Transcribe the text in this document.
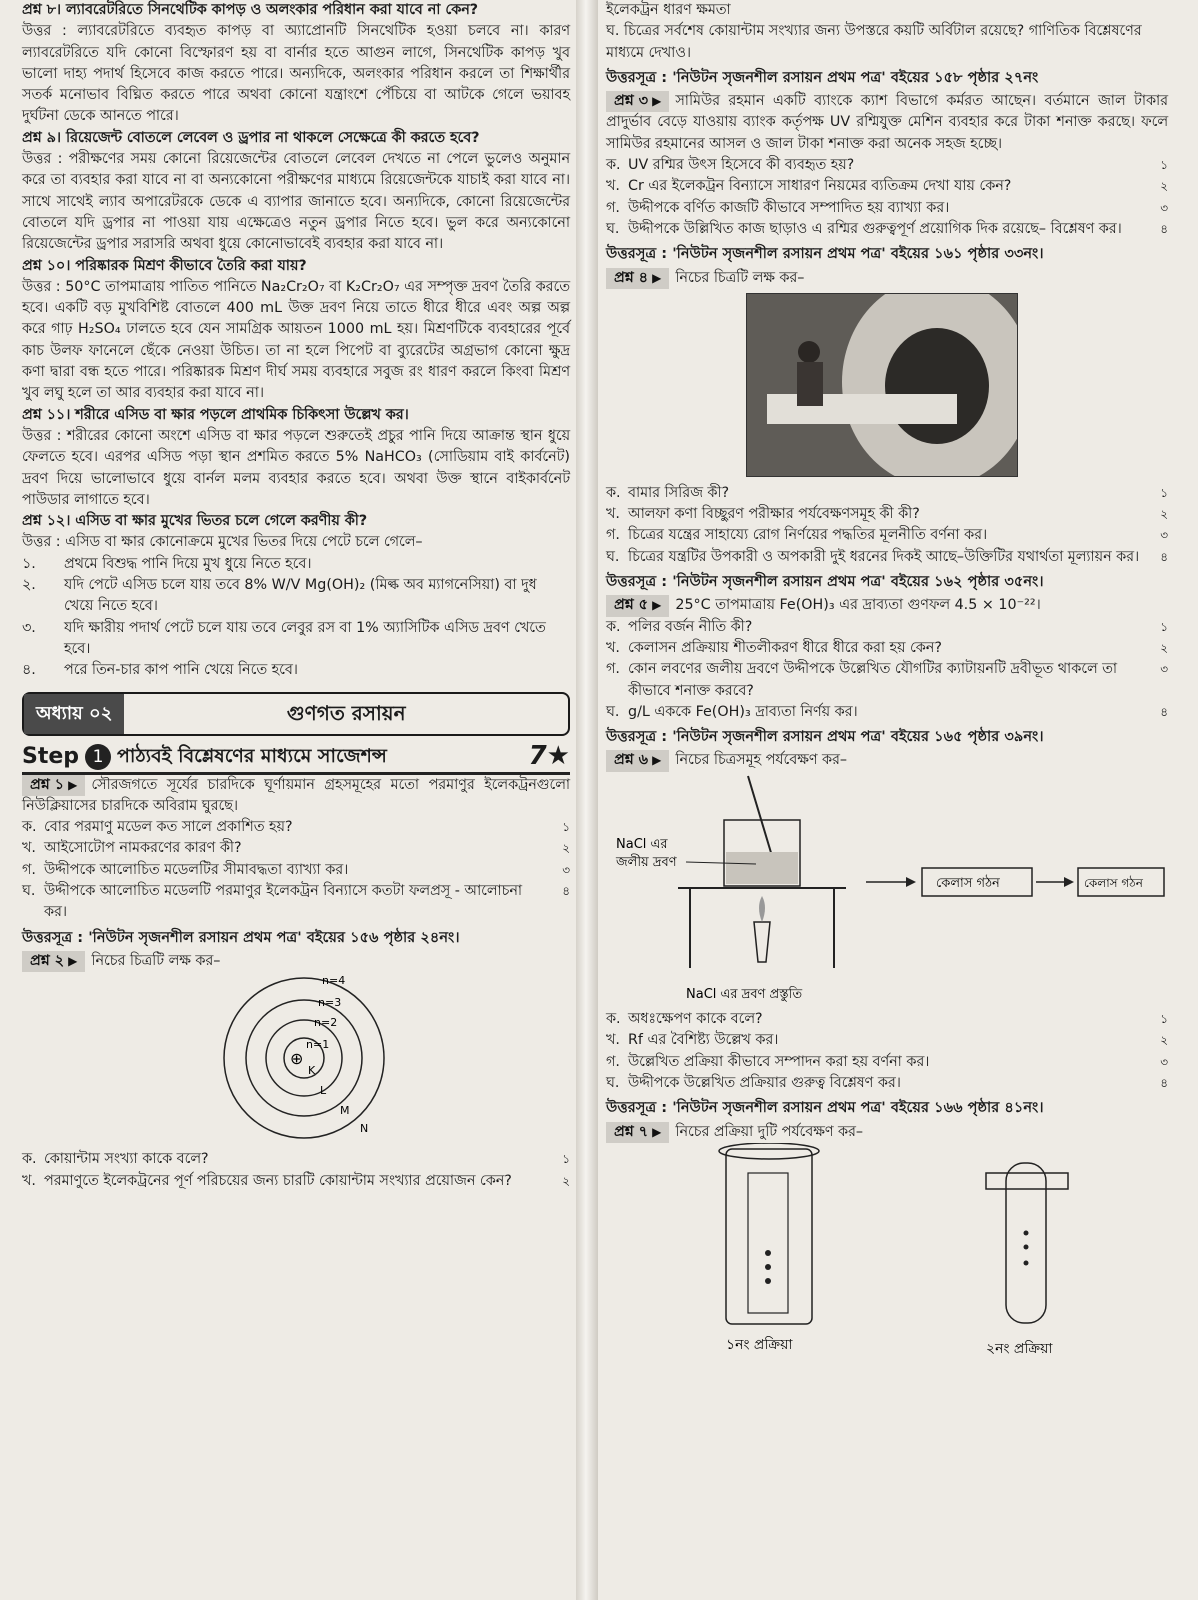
প্রশ্ন ৮। ল্যাবরেটরিতে সিনথেটিক কাপড় ও অলংকার পরিধান করা যাবে না কেন?

উত্তর : ল্যাবরেটরিতে ব্যবহৃত কাপড় বা অ্যাপ্রোনটি সিনথেটিক হওয়া চলবে না। কারণ ল্যাবরেটরিতে যদি কোনো বিস্ফোরণ হয় বা বার্নার হতে আগুন লাগে, সিনথেটিক কাপড় খুব ভালো দাহ্য পদার্থ হিসেবে কাজ করতে পারে। অন্যদিকে, অলংকার পরিধান করলে তা শিক্ষার্থীর সতর্ক মনোভাব বিঘ্নিত করতে পারে অথবা কোনো যন্ত্রাংশে পেঁচিয়ে বা আটকে গেলে ভয়াবহ দুর্ঘটনা ডেকে আনতে পারে।

প্রশ্ন ৯। রিয়েজেন্ট বোতলে লেবেল ও ড্রপার না থাকলে সেক্ষেত্রে কী করতে হবে?

উত্তর : পরীক্ষণের সময় কোনো রিয়েজেন্টের বোতলে লেবেল দেখতে না পেলে ভুলেও অনুমান করে তা ব্যবহার করা যাবে না বা অন্যকোনো পরীক্ষণের মাধ্যমে রিয়েজেন্টকে যাচাই করা যাবে না। সাথে সাথেই ল্যাব অপারেটরকে ডেকে এ ব্যাপার জানাতে হবে। অন্যদিকে, কোনো রিয়েজেন্টের বোতলে যদি ড্রপার না পাওয়া যায় এক্ষেত্রেও নতুন ড্রপার নিতে হবে। ভুল করে অন্যকোনো রিয়েজেন্টের ড্রপার সরাসরি অথবা ধুয়ে কোনোভাবেই ব্যবহার করা যাবে না।

প্রশ্ন ১০। পরিষ্কারক মিশ্রণ কীভাবে তৈরি করা যায়?

উত্তর : 50°C তাপমাত্রায় পাতিত পানিতে Na₂Cr₂O₇ বা K₂Cr₂O₇ এর সম্পৃক্ত দ্রবণ তৈরি করতে হবে। একটি বড় মুখবিশিষ্ট বোতলে 400 mL উক্ত দ্রবণ নিয়ে তাতে ধীরে ধীরে এবং অল্প অল্প করে গাঢ় H₂SO₄ ঢালতে হবে যেন সামগ্রিক আয়তন 1000 mL হয়। মিশ্রণটিকে ব্যবহারের পূর্বে কাচ উলফ ফানেলে ছেঁকে নেওয়া উচিত। তা না হলে পিপেট বা ব্যুরেটের অগ্রভাগ কোনো ক্ষুদ্র কণা দ্বারা বন্ধ হতে পারে। পরিষ্কারক মিশ্রণ দীর্ঘ সময় ব্যবহারে সবুজ রং ধারণ করলে কিংবা মিশ্রণ খুব লঘু হলে তা আর ব্যবহার করা যাবে না।

প্রশ্ন ১১। শরীরে এসিড বা ক্ষার পড়লে প্রাথমিক চিকিৎসা উল্লেখ কর।

উত্তর : শরীরের কোনো অংশে এসিড বা ক্ষার পড়লে শুরুতেই প্রচুর পানি দিয়ে আক্রান্ত স্থান ধুয়ে ফেলতে হবে। এরপর এসিড পড়া স্থান প্রশমিত করতে 5% NaHCO₃ (সোডিয়াম বাই কার্বনেট) দ্রবণ দিয়ে ভালোভাবে ধুয়ে বার্নল মলম ব্যবহার করতে হবে। অথবা উক্ত স্থানে বাইকার্বনেট পাউডার লাগাতে হবে।

প্রশ্ন ১২। এসিড বা ক্ষার মুখের ভিতর চলে গেলে করণীয় কী?

উত্তর : এসিড বা ক্ষার কোনোক্রমে মুখের ভিতর দিয়ে পেটে চলে গেলে–

১. প্রথমে বিশুদ্ধ পানি দিয়ে মুখ ধুয়ে নিতে হবে।
২. যদি পেটে এসিড চলে যায় তবে 8% W/V Mg(OH)₂ (মিল্ক অব ম্যাগনেসিয়া) বা দুধ খেয়ে নিতে হবে।
৩. যদি ক্ষারীয় পদার্থ পেটে চলে যায় তবে লেবুর রস বা 1% অ্যাসিটিক এসিড দ্রবণ খেতে হবে।
৪. পরে তিন-চার কাপ পানি খেয়ে নিতে হবে।
অধ্যায় ০২	গুণগত রসায়ন
Step 1 পাঠ্যবই বিশ্লেষণের মাধ্যমে সাজেশন্স	7★

প্রশ্ন ১ ▶ সৌরজগতে সূর্যের চারদিকে ঘূর্ণায়মান গ্রহসমূহের মতো পরমাণুর ইলেকট্রনগুলো নিউক্লিয়াসের চারদিকে অবিরাম ঘুরছে।

ক. বোর পরমাণু মডেল কত সালে প্রকাশিত হয়?	১
খ. আইসোটোপ নামকরণের কারণ কী?	২
গ. উদ্দীপকে আলোচিত মডেলটির সীমাবদ্ধতা ব্যাখ্যা কর।	৩
ঘ. উদ্দীপকে আলোচিত মডেলটি পরমাণুর ইলেকট্রন বিন্যাসে কতটা ফলপ্রসূ - আলোচনা কর।
৪

উত্তরসূত্র : 'নিউটন সৃজনশীল রসায়ন প্রথম পত্র' বইয়ের ১৫৬ পৃষ্ঠার ২৪নং।

প্রশ্ন ২ ▶ নিচের চিত্রটি লক্ষ কর–

⊕
n=4
n=3
n=2
n=1
K
L
M
N
ক. কোয়ান্টাম সংখ্যা কাকে বলে?	১
খ. পরমাণুতে ইলেকট্রনের পূর্ণ পরিচয়ের জন্য চারটি কোয়ান্টাম সংখ্যার প্রয়োজন কেন?	২

ইলেকট্রন ধারণ ক্ষমতা

ঘ. চিত্রের সর্বশেষ কোয়ান্টাম সংখ্যার জন্য উপস্তরে কয়টি অর্বিটাল রয়েছে? গাণিতিক বিশ্লেষণের মাধ্যমে দেখাও।

উত্তরসূত্র : 'নিউটন সৃজনশীল রসায়ন প্রথম পত্র' বইয়ের ১৫৮ পৃষ্ঠার ২৭নং

প্রশ্ন ৩ ▶ সামিউর রহমান একটি ব্যাংকে ক্যাশ বিভাগে কর্মরত আছেন। বর্তমানে জাল টাকার প্রাদুর্ভাব বেড়ে যাওয়ায় ব্যাংক কর্তৃপক্ষ UV রশ্মিযুক্ত মেশিন ব্যবহার করে টাকা শনাক্ত করছে। ফলে সামিউর রহমানের আসল ও জাল টাকা শনাক্ত করা অনেক সহজ হচ্ছে।

ক. UV রশ্মির উৎস হিসেবে কী ব্যবহৃত হয়?	১
খ. Cr এর ইলেকট্রন বিন্যাসে সাধারণ নিয়মের ব্যতিক্রম দেখা যায় কেন?	২
গ. উদ্দীপকে বর্ণিত কাজটি কীভাবে সম্পাদিত হয় ব্যাখ্যা কর।	৩
ঘ. উদ্দীপকে উল্লিখিত কাজ ছাড়াও এ রশ্মির গুরুত্বপূর্ণ প্রয়োগিক দিক রয়েছে– বিশ্লেষণ কর।	৪

উত্তরসূত্র : 'নিউটন সৃজনশীল রসায়ন প্রথম পত্র' বইয়ের ১৬১ পৃষ্ঠার ৩৩নং।

প্রশ্ন ৪ ▶ নিচের চিত্রটি লক্ষ কর–

ক. বামার সিরিজ কী?	১
খ. আলফা কণা বিচ্ছুরণ পরীক্ষার পর্যবেক্ষণসমূহ কী কী?	২
গ. চিত্রের যন্ত্রের সাহায্যে রোগ নির্ণয়ের পদ্ধতির মূলনীতি বর্ণনা কর।	৩
ঘ. চিত্রের যন্ত্রটির উপকারী ও অপকারী দুই ধরনের দিকই আছে–উক্তিটির যথার্থতা মূল্যায়ন কর। ৪

উত্তরসূত্র : 'নিউটন সৃজনশীল রসায়ন প্রথম পত্র' বইয়ের ১৬২ পৃষ্ঠার ৩৫নং।

প্রশ্ন ৫ ▶ 25°C তাপমাত্রায় Fe(OH)₃ এর দ্রাব্যতা গুণফল 4.5 × 10⁻²²।

ক. পলির বর্জন নীতি কী?	১
খ. কেলাসন প্রক্রিয়ায় শীতলীকরণ ধীরে ধীরে করা হয় কেন?	২
গ. কোন লবণের জলীয় দ্রবণে উদ্দীপকে উল্লেখিত যৌগটির ক্যাটায়নটি দ্রবীভূত থাকলে তা কীভাবে শনাক্ত করবে?
৩
ঘ. g/L এককে Fe(OH)₃ দ্রাব্যতা নির্ণয় কর।	৪

উত্তরসূত্র : 'নিউটন সৃজনশীল রসায়ন প্রথম পত্র' বইয়ের ১৬৫ পৃষ্ঠার ৩৯নং।

প্রশ্ন ৬ ▶ নিচের চিত্রসমূহ পর্যবেক্ষণ কর–

NaCl এর
জলীয় দ্রবণ
কেলাস গঠন	কেলাস গঠন
NaCl এর দ্রবণ প্রস্তুতি
ক. অধঃক্ষেপণ কাকে বলে?	১
খ. Rf এর বৈশিষ্ট্য উল্লেখ কর।	২
গ. উল্লেখিত প্রক্রিয়া কীভাবে সম্পাদন করা হয় বর্ণনা কর।	৩
ঘ. উদ্দীপকে উল্লেখিত প্রক্রিয়ার গুরুত্ব বিশ্লেষণ কর।	৪

উত্তরসূত্র : 'নিউটন সৃজনশীল রসায়ন প্রথম পত্র' বইয়ের ১৬৬ পৃষ্ঠার ৪১নং।

প্রশ্ন ৭ ▶ নিচের প্রক্রিয়া দুটি পর্যবেক্ষণ কর–

১নং প্রক্রিয়া	২নং প্রক্রিয়া
